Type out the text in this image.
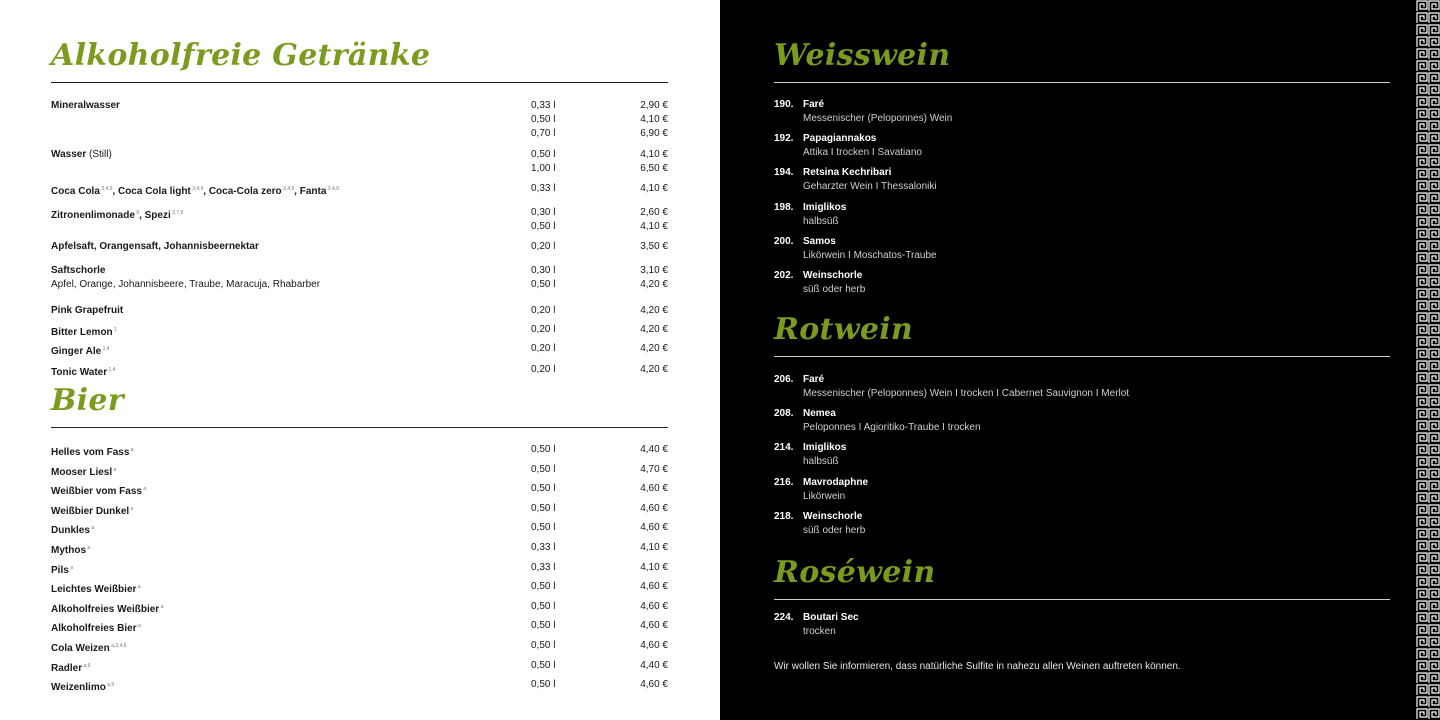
Alkoholfreie Getränke
Mineralwasser	0,33 l	2,90 €
0,50 l	4,10 €
0,70 l	6,90 €
Wasser (Still)	0,50 l	4,10 €
1,00 l	6,50 €
Coca Cola $^{3,4,9}$, Coca Cola light $^{3,4,9}$, Coca-Cola zero $^{3,4,9}$, Fanta $^{3,4,9}$	0,33 l	4,10 €
Zitronenlimonade $^9$, Spezi $^{3,7,9}$	0,30 l	2,60 €
0,50 l	4,10 €
Apfelsaft, Orangensaft, Johannisbeernektar	0,20 l	3,50 €
Saftschorle	0,30 l	3,10 €
Apfel, Orange, Johannisbeere, Traube, Maracuja, Rhabarber	0,50 l	4,20 €
Pink Grapefruit	0,20 l	4,20 €
Bitter Lemon $^1$	0,20 l	4,20 €
Ginger Ale $^{1,4}$	0,20 l	4,20 €
Tonic Water $^{1,4}$	0,20 l	4,20 €
Bier
Helles vom Fass $^a$	0,50 l	4,40 €
Mooser Liesl $^a$	0,50 l	4,70 €
Weißbier vom Fass $^a$	0,50 l	4,60 €
Weißbier Dunkel $^a$	0,50 l	4,60 €
Dunkles $^a$	0,50 l	4,60 €
Mythos $^a$	0,33 l	4,10 €
Pils $^a$	0,33 l	4,10 €
Leichtes Weißbier $^a$	0,50 l	4,60 €
Alkoholfreies Weißbier $^a$	0,50 l	4,60 €
Alkoholfreies Bier $^a$	0,50 l	4,60 €
Cola Weizen $^{a,3,4,9}$	0,50 l	4,60 €
Radler $^{a,9}$	0,50 l	4,40 €
Weizenlimo $^{a,9}$	0,50 l	4,60 €
Weisswein
190. Faré
Messenischer (Peloponnes) Wein
0,25 l	6,70 €
0,50 l	12,80 €
192. Papagiannakos
Attika I trocken I Savatiano
0,25 l	7,30 €
0,50 l	14,00 €
194. Retsina Kechribari
Geharzter Wein I Thessaloniki
0,25 l	6,70 €
0,50 l	12,80 €
198. Imiglikos
halbsüß
0,25 l	6,70 €
0,50 l	12,80 €
200. Samos
Likörwein I Moschatos-Traube
0,25 l	7,00 €
0,50 l	13,10 €
202. Weinschorle
süß oder herb
0,25 l	3,80 €
0,50 l	6,90 €
Rotwein
206. Faré
Messenischer (Peloponnes) Wein I trocken I Cabernet Sauvignon I Merlot
0,25 l	6,80 €
0,50 l	12,80 €
208. Nemea
Peloponnes I Agioritiko-Traube I trocken
0,25 l	7,10 €
0,50 l	13,10 €
214. Imiglikos
halbsüß
0,25 l	6,70 €
0,50 l	12,80 €
216. Mavrodaphne
Likörwein
0,25 l	7,40 €
0,50 l	13,20 €
218. Weinschorle
süß oder herb
0,25 l	3,90 €
0,50 l	6,90 €
Roséwein
224. Boutari Sec
trocken
0,25 l	6,10 €
0,50 l	12,20 €
Wir wollen Sie informieren, dass natürliche Sulfite in nahezu allen Weinen auftreten können.
